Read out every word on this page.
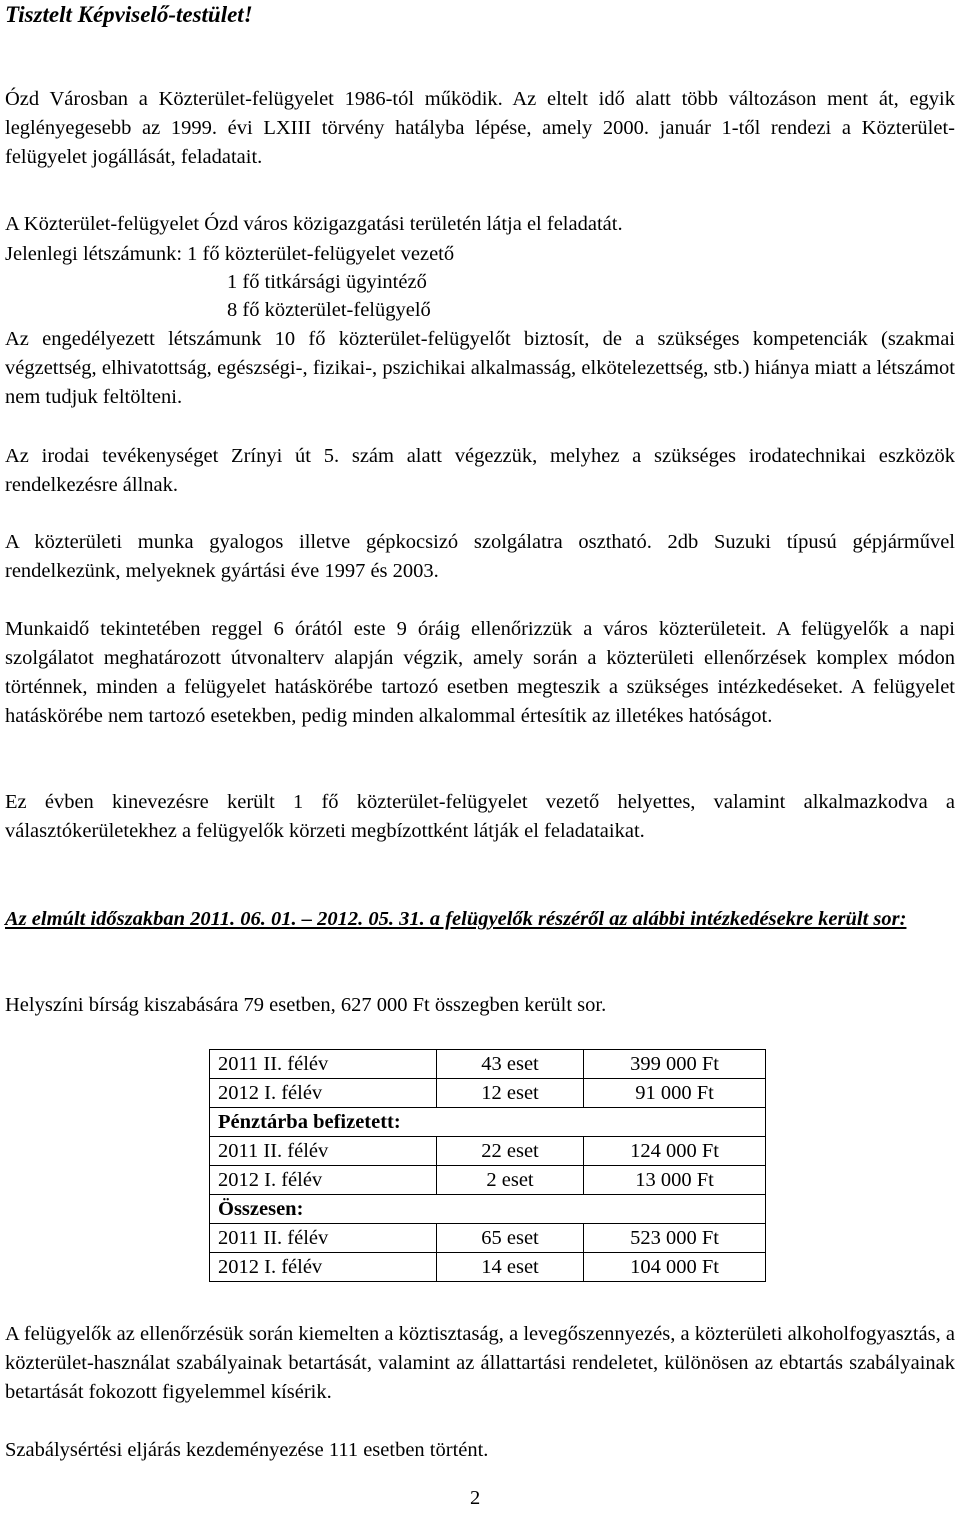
Tisztelt Képviselő-testület!

Ózd Városban a Közterület-felügyelet 1986-tól működik. Az eltelt idő alatt több változáson ment át, egyik leglényegesebb az 1999. évi LXIII törvény hatályba lépése, amely 2000. január 1-től rendezi a Közterület-felügyelet jogállását, feladatait.

A Közterület-felügyelet Ózd város közigazgatási területén látja el feladatát.

Jelenlegi létszámunk: 1 fő közterület-felügyelet vezető
1 fő titkársági ügyintéző
8 fő közterület-felügyelő

Az engedélyezett létszámunk 10 fő közterület-felügyelőt biztosít, de a szükséges kompetenciák (szakmai végzettség, elhivatottság, egészségi-, fizikai-, pszichikai alkalmasság, elkötelezettség, stb.) hiánya miatt a létszámot nem tudjuk feltölteni.

Az irodai tevékenységet Zrínyi út 5. szám alatt végezzük, melyhez a szükséges irodatechnikai eszközök rendelkezésre állnak.

A közterületi munka gyalogos illetve gépkocsizó szolgálatra osztható. 2db Suzuki típusú gépjárművel rendelkezünk, melyeknek gyártási éve 1997 és 2003.

Munkaidő tekintetében reggel 6 órától este 9 óráig ellenőrizzük a város közterületeit. A felügyelők a napi szolgálatot meghatározott útvonalterv alapján végzik, amely során a közterületi ellenőrzések komplex módon történnek, minden a felügyelet hatáskörébe tartozó esetben megteszik a szükséges intézkedéseket. A felügyelet hatáskörébe nem tartozó esetekben, pedig minden alkalommal értesítik az illetékes hatóságot.

Ez évben kinevezésre került 1 fő közterület-felügyelet vezető helyettes, valamint alkalmazkodva a választókerületekhez a felügyelők körzeti megbízottként látják el feladataikat.

Az elmúlt időszakban 2011. 06. 01. – 2012. 05. 31. a felügyelők részéről az alábbi intézkedésekre került sor:

Helyszíni bírság kiszabására 79 esetben, 627 000 Ft összegben került sor.

A felügyelők az ellenőrzésük során kiemelten a köztisztaság, a levegőszennyezés, a közterületi alkoholfogyasztás, a közterület-használat szabályainak betartását, valamint az állattartási rendeletet, különösen az ebtartás szabályainak betartását fokozott figyelemmel kísérik.

Szabálysértési eljárás kezdeményezése 111 esetben történt.

2011 II. félév	43 eset	399 000 Ft
2012 I. félév	12 eset	91 000 Ft
Pénztárba befizetett:		
2011 II. félév	22 eset	124 000 Ft
2012 I. félév	2 eset	13 000 Ft
Összesen:		
2011 II. félév	65 eset	523 000 Ft
2012 I. félév	14 eset	104 000 Ft
2
